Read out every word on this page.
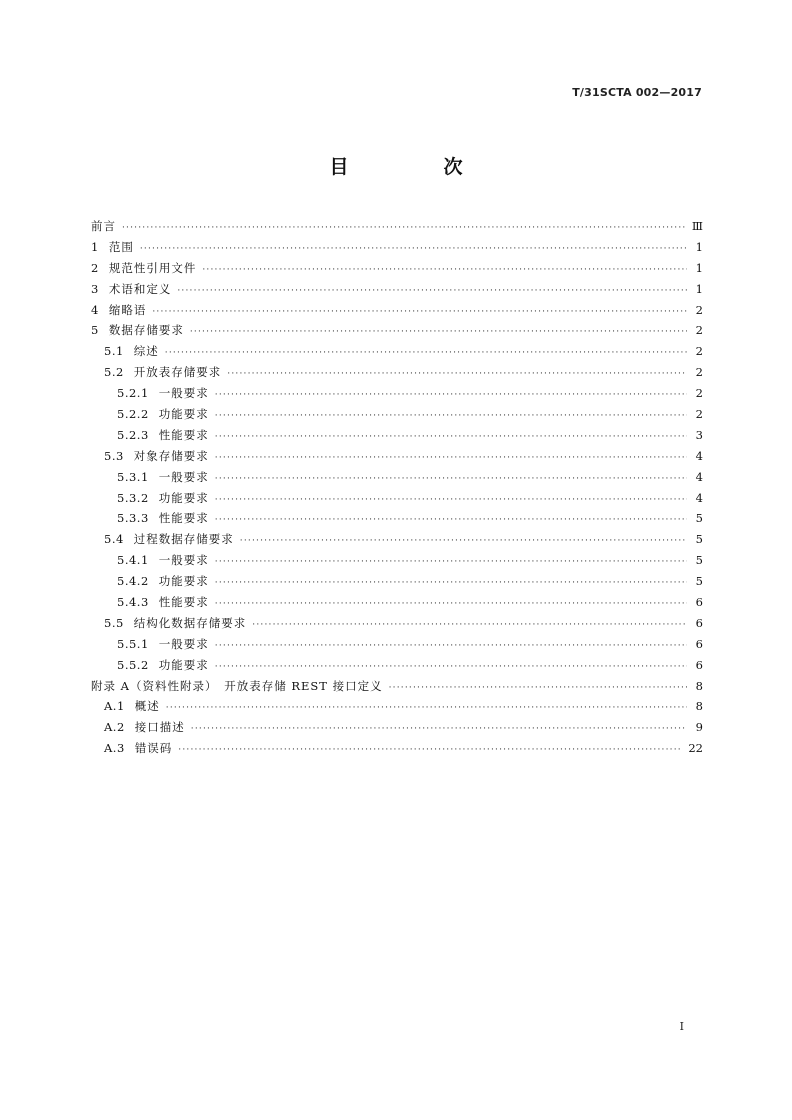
T/31SCTA 002—2017
目　次
前言 ·····	Ⅲ
1 范围 ·····	1
2 规范性引用文件 ·····	1
3 术语和定义 ·····	1
4 缩略语 ·····	2
5 数据存储要求 ·····	2
5.1 综述 ·····	2
5.2 开放表存储要求 ·····	2
5.2.1 一般要求 ·····	2
5.2.2 功能要求 ·····	2
5.2.3 性能要求 ·····	3
5.3 对象存储要求 ·····	4
5.3.1 一般要求 ·····	4
5.3.2 功能要求 ·····	4
5.3.3 性能要求 ·····	5
5.4 过程数据存储要求 ·····	5
5.4.1 一般要求 ·····	5
5.4.2 功能要求 ·····	5
5.4.3 性能要求 ·····	6
5.5 结构化数据存储要求 ·····	6
5.5.1 一般要求 ·····	6
5.5.2 功能要求 ·····	6
附录 A（资料性附录）　开放表存储 REST 接口定义 ·····	8
A.1 概述 ·····	8
A.2 接口描述 ·····	9
A.3 错误码 ·····	22
I
